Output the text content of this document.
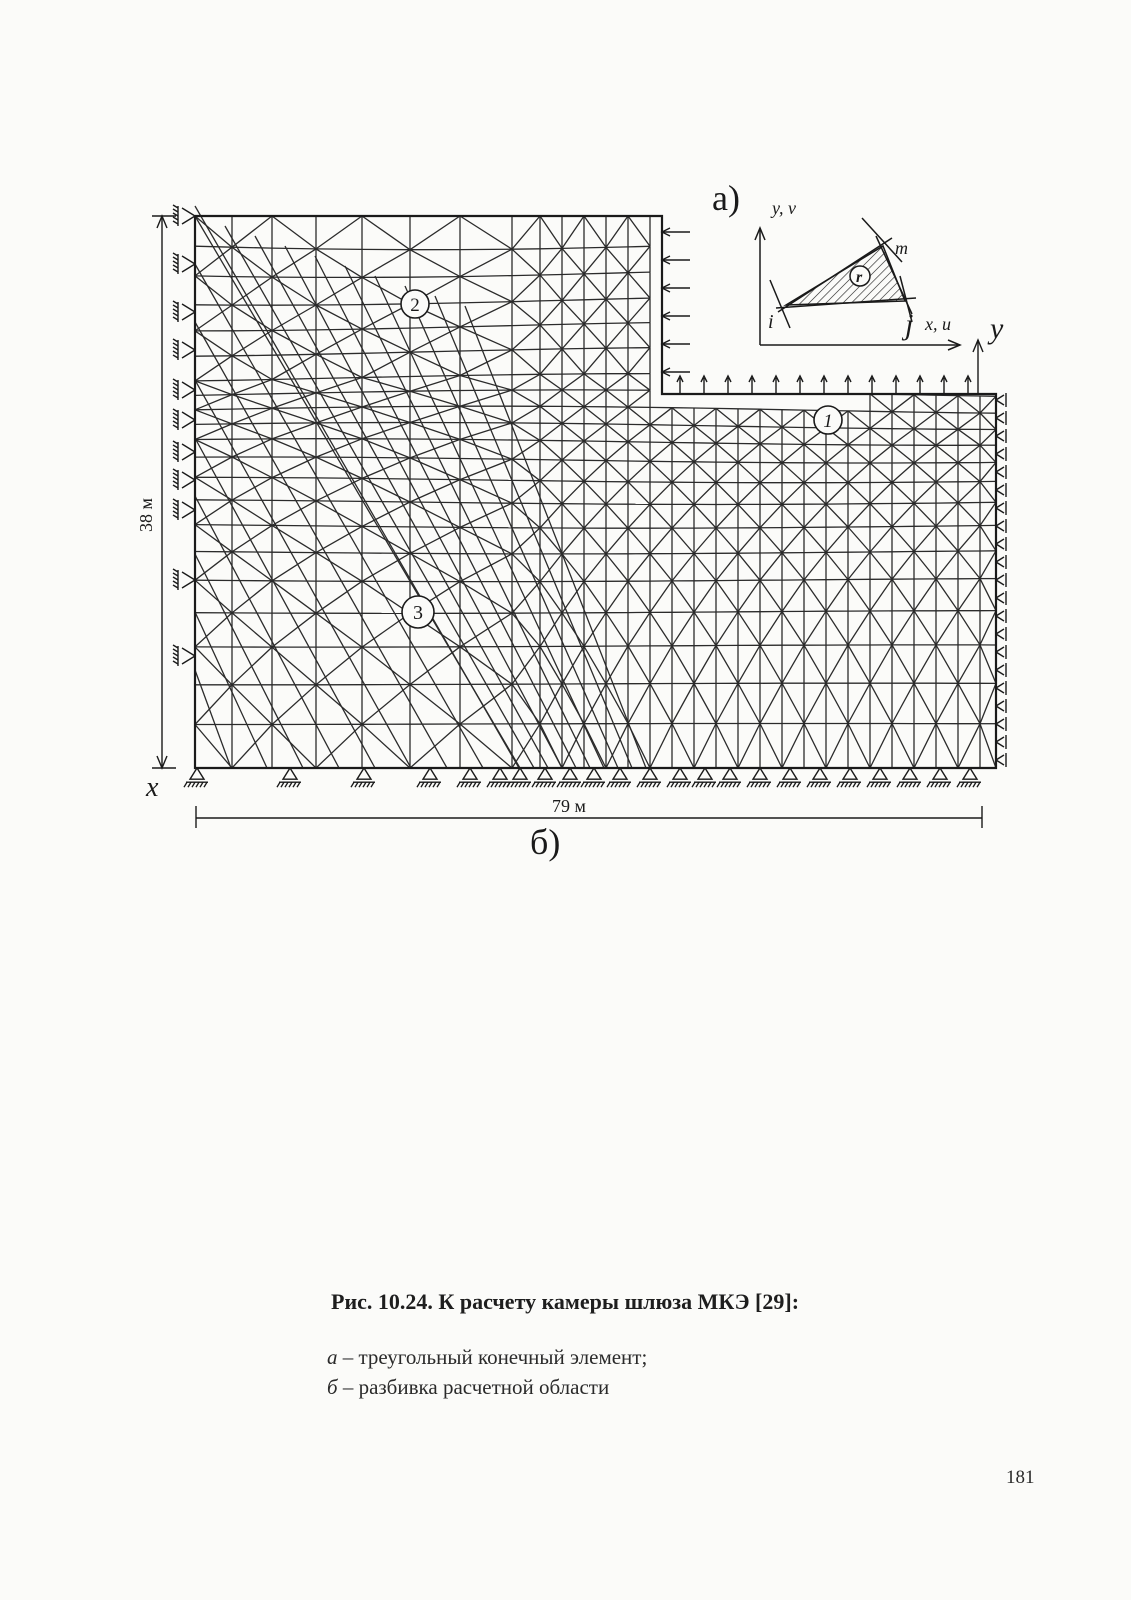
а) y, v
x, u
i	j
m
r
y
x
38 м
79 м
б)
2
1
3
Рис. 10.24. К расчету камеры шлюза МКЭ [29]:
а – треугольный конечный элемент;
б – разбивка расчетной области
181
